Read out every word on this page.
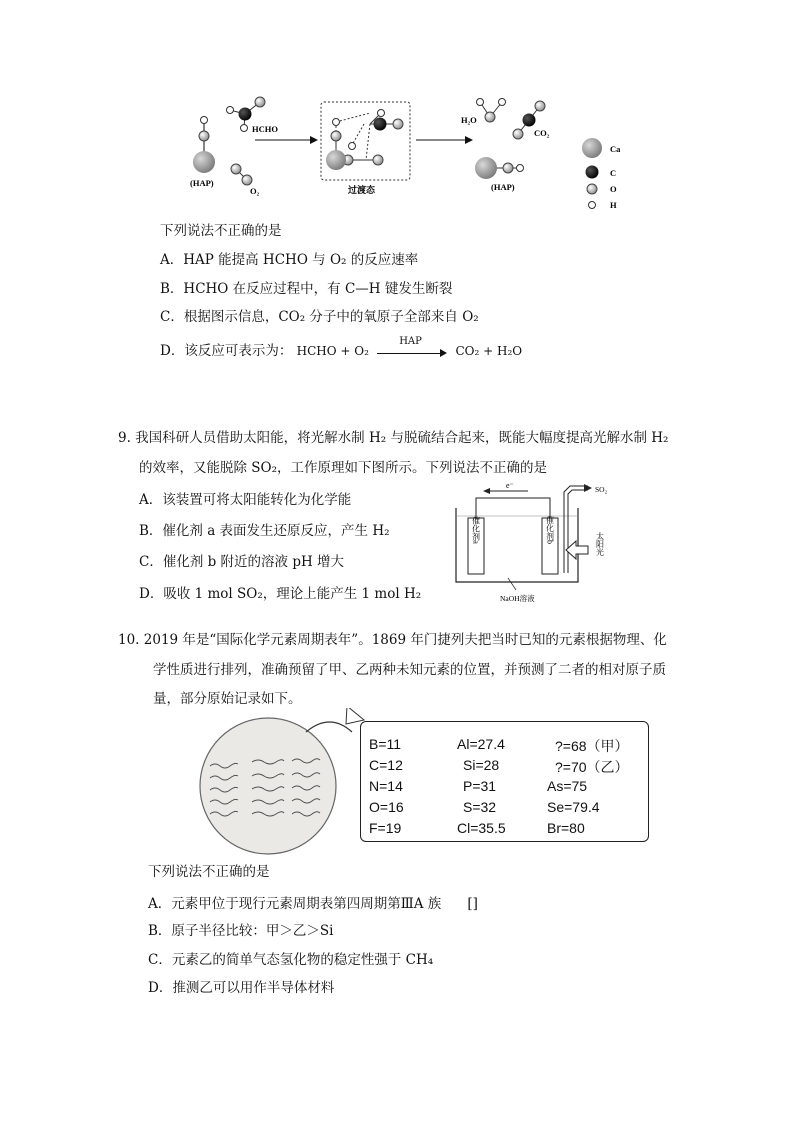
(HAP)
HCHO
O₂	过渡态
H₂O
CO₂
(HAP)
Ca
C
O
H
下列说法不正确的是
A．HAP 能提高 HCHO 与 O₂ 的反应速率
B．HCHO 在反应过程中，有 C—H 键发生断裂
C．根据图示信息，CO₂ 分子中的氧原子全部来自 O₂
D．该反应可表示为： HCHO + O₂
HAP
CO₂ + H₂O
9. 我国科研人员借助太阳能，将光解水制 H₂ 与脱硫结合起来，既能大幅度提高光解水制 H₂
的效率，又能脱除 SO₂，工作原理如下图所示。下列说法不正确的是
A．该装置可将太阳能转化为化学能
B．催化剂 a 表面发生还原反应，产生 H₂
C．催化剂 b 附近的溶液 pH 增大
D．吸收 1 mol SO₂，理论上能产生 1 mol H₂
e⁻	SO₂
催化剂a	催化剂b	太阳光
NaOH溶液
10. 2019 年是“国际化学元素周期表年”。1869 年门捷列夫把当时已知的元素根据物理、化
学性质进行排列，准确预留了甲、乙两种未知元素的位置，并预测了二者的相对原子质
量，部分原始记录如下。
B=11	Al=27.4	?=68（甲）
C=12	Si=28	?=70（乙）
N=14	P=31	As=75
O=16	S=32	Se=79.4
F=19	Cl=35.5	Br=80
下列说法不正确的是
A．元素甲位于现行元素周期表第四周期第ⅢA 族 []
B．原子半径比较：甲＞乙＞Si
C．元素乙的简单气态氢化物的稳定性强于 CH₄
D．推测乙可以用作半导体材料
